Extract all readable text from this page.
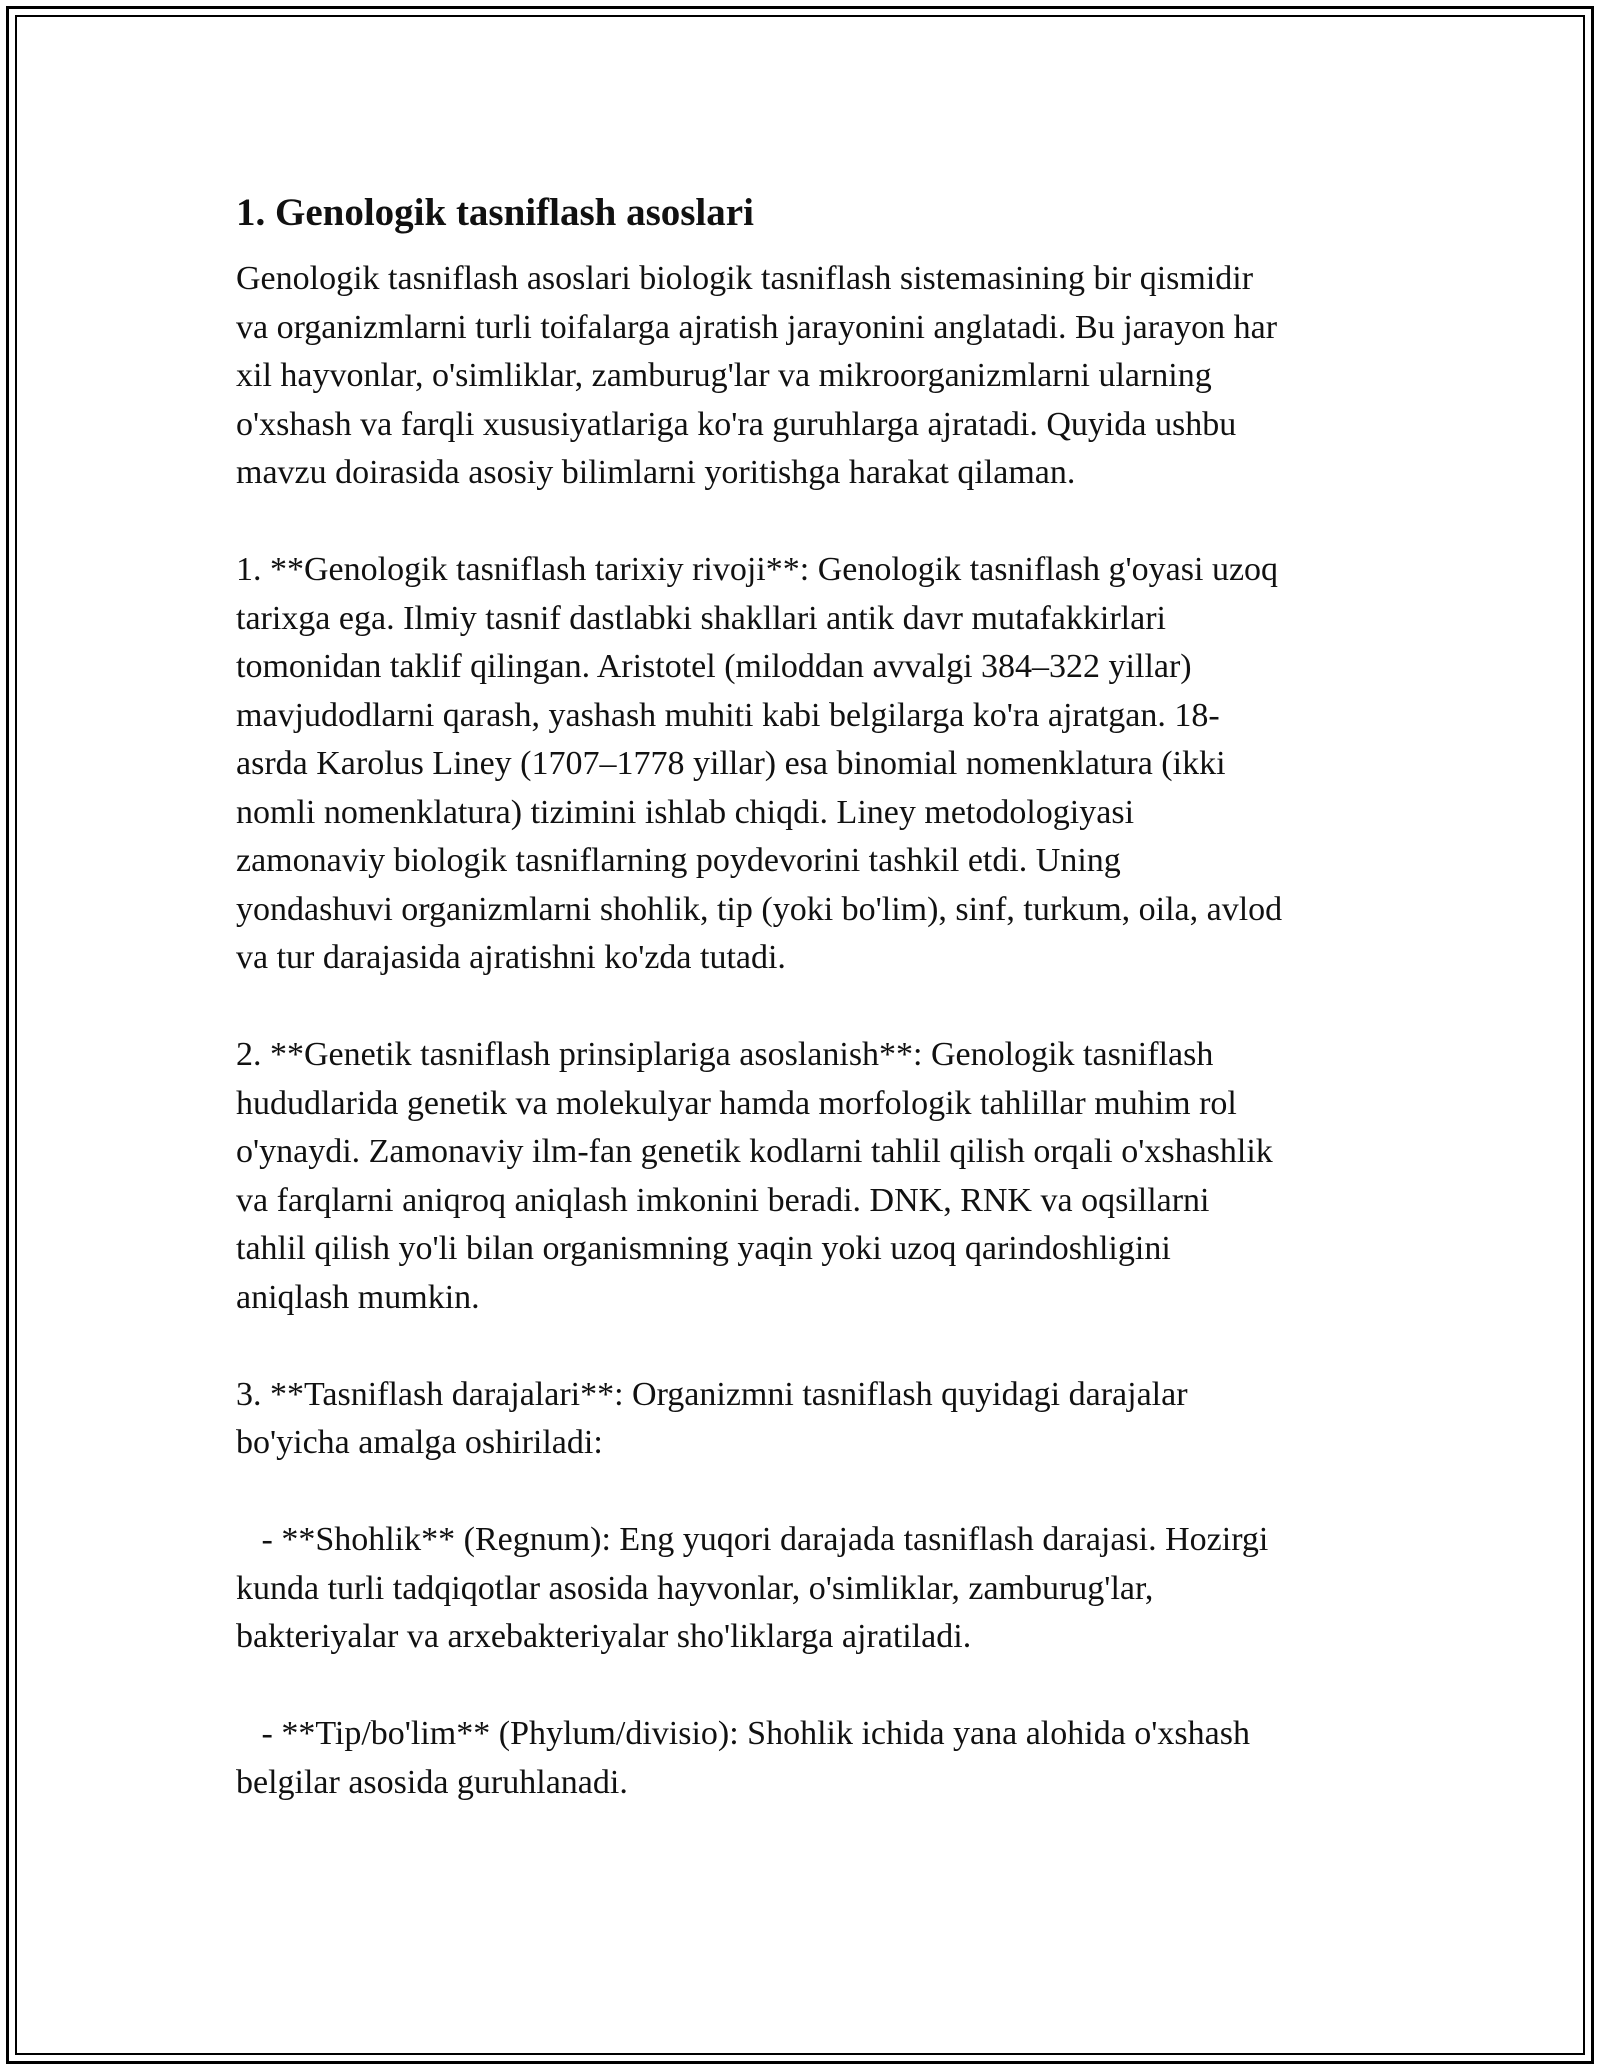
1. Genologik tasniflash asoslari

Genologik tasniflash asoslari biologik tasniflash sistemasining bir qismidir
va organizmlarni turli toifalarga ajratish jarayonini anglatadi. Bu jarayon har
xil hayvonlar, o'simliklar, zamburug'lar va mikroorganizmlarni ularning
o'xshash va farqli xususiyatlariga ko'ra guruhlarga ajratadi. Quyida ushbu
mavzu doirasida asosiy bilimlarni yoritishga harakat qilaman.

1. **Genologik tasniflash tarixiy rivoji**: Genologik tasniflash g'oyasi uzoq
tarixga ega. Ilmiy tasnif dastlabki shakllari antik davr mutafakkirlari
tomonidan taklif qilingan. Aristotel (miloddan avvalgi 384–322 yillar)
mavjudodlarni qarash, yashash muhiti kabi belgilarga ko'ra ajratgan. 18-
asrda Karolus Liney (1707–1778 yillar) esa binomial nomenklatura (ikki
nomli nomenklatura) tizimini ishlab chiqdi. Liney metodologiyasi
zamonaviy biologik tasniflarning poydevorini tashkil etdi. Uning
yondashuvi organizmlarni shohlik, tip (yoki bo'lim), sinf, turkum, oila, avlod
va tur darajasida ajratishni ko'zda tutadi.

2. **Genetik tasniflash prinsiplariga asoslanish**: Genologik tasniflash
hududlarida genetik va molekulyar hamda morfologik tahlillar muhim rol
o'ynaydi. Zamonaviy ilm-fan genetik kodlarni tahlil qilish orqali o'xshashlik
va farqlarni aniqroq aniqlash imkonini beradi. DNK, RNK va oqsillarni
tahlil qilish yo'li bilan organismning yaqin yoki uzoq qarindoshligini
aniqlash mumkin.

3. **Tasniflash darajalari**: Organizmni tasniflash quyidagi darajalar
bo'yicha amalga oshiriladi:

- **Shohlik** (Regnum): Eng yuqori darajada tasniflash darajasi. Hozirgi
kunda turli tadqiqotlar asosida hayvonlar, o'simliklar, zamburug'lar,
bakteriyalar va arxebakteriyalar sho'liklarga ajratiladi.

- **Tip/bo'lim** (Phylum/divisio): Shohlik ichida yana alohida o'xshash
belgilar asosida guruhlanadi.
